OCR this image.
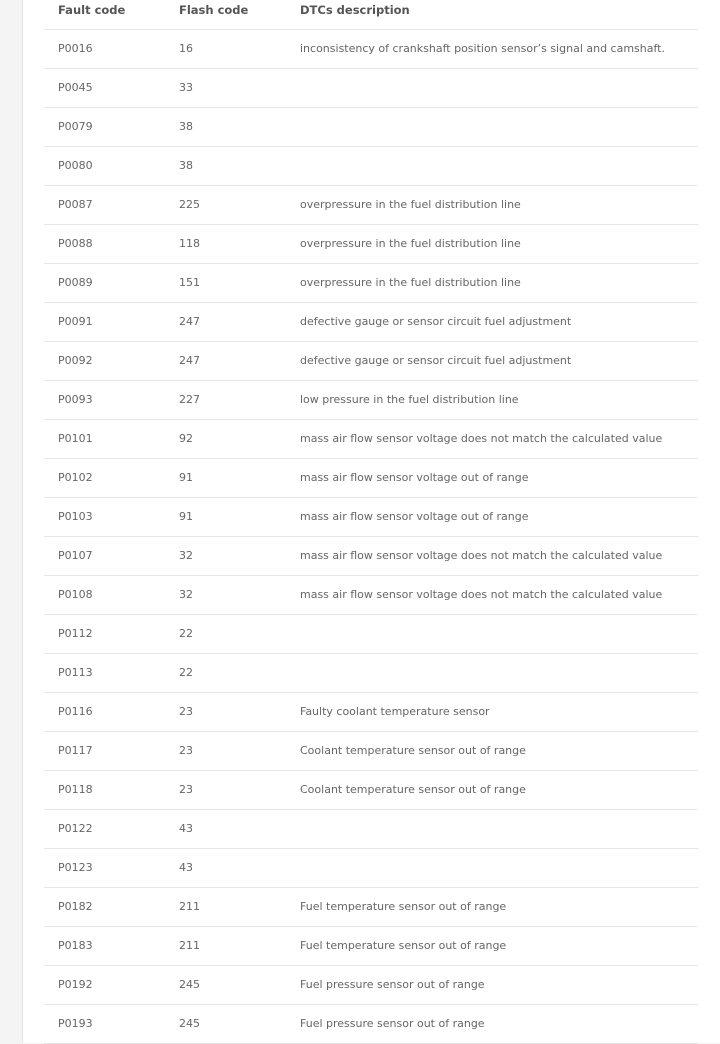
Fault code	Flash code	DTCs description
P0016	16	inconsistency of crankshaft position sensor’s signal and camshaft.
P0045	33	
P0079	38	
P0080	38	
P0087	225	overpressure in the fuel distribution line
P0088	118	overpressure in the fuel distribution line
P0089	151	overpressure in the fuel distribution line
P0091	247	defective gauge or sensor circuit fuel adjustment
P0092	247	defective gauge or sensor circuit fuel adjustment
P0093	227	low pressure in the fuel distribution line
P0101	92	mass air flow sensor voltage does not match the calculated value
P0102	91	mass air flow sensor voltage out of range
P0103	91	mass air flow sensor voltage out of range
P0107	32	mass air flow sensor voltage does not match the calculated value
P0108	32	mass air flow sensor voltage does not match the calculated value
P0112	22	
P0113	22	
P0116	23	Faulty coolant temperature sensor
P0117	23	Coolant temperature sensor out of range
P0118	23	Coolant temperature sensor out of range
P0122	43	
P0123	43	
P0182	211	Fuel temperature sensor out of range
P0183	211	Fuel temperature sensor out of range
P0192	245	Fuel pressure sensor out of range
P0193	245	Fuel pressure sensor out of range
